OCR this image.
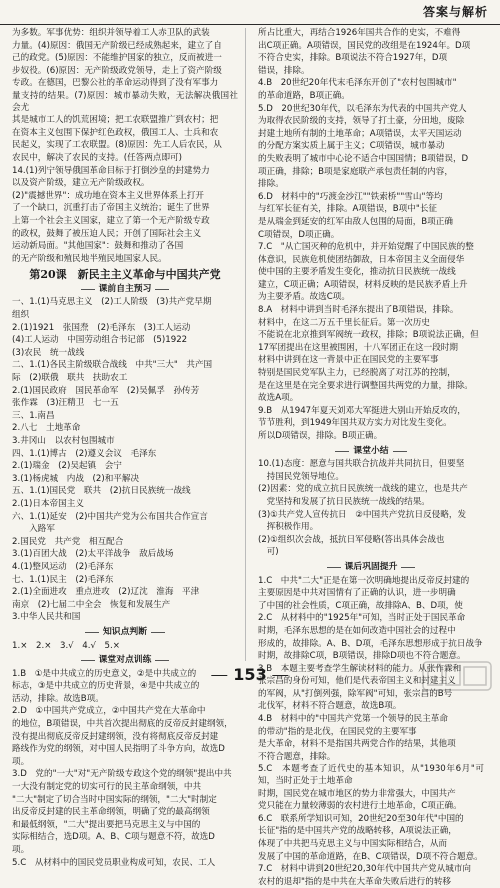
答案与解析

为多数。军事优势：组织并领导着工人赤卫队的武装

力量。(4)原因：俄国无产阶级已经成熟起来，建立了自

己的政党。(5)原因：不能维护国家的独立，反而被进一

步奴役。(6)原因：无产阶级政党领导，走上了资产阶级

专政。在德国，巴黎公社的革命运动得到了没有军事力

量支持的结果。(7)原因：城市暴动失败，无法解决俄国社会尤

其是城市工人的饥荒困境；把工农联盟推广到农村；把

在资本主义包围下保护红色政权，俄国工人、士兵和农

民起义，实现了工农联盟。(8)原因：先工人后农民，从

农民中，解决了农民的支持。(任答两点即可)

14.(1)列宁领导俄国革命目标于打倒沙皇的封建势力

以及资产阶级，建立无产阶级政权。

(2)"震撼世界"：成功地在资本主义世界体系上打开

了一个缺口，沉重打击了帝国主义统治；诞生了世界

上第一个社会主义国家，建立了第一个无产阶级专政

的政权，鼓舞了被压迫人民；开创了国际社会主义

运动新局面。"其他国家"：鼓舞和推动了各国

的无产阶级和殖民地半殖民地国家人民。

第20课　新民主主义革命与中国共产党
课前自主预习

一、1.(1)马克思主义　(2)工人阶级　(3)共产党早期

组织

2.(1)1921　张国焘　(2)毛泽东　(3)工人运动

(4)工人运动　中国劳动组合书记部　(5)1922

(3)农民　统一战线

二、1.(1)各民主阶级联合战线　中共"三大"　共产国

际　(2)联俄　联共　扶助农工

2.(1)国民政府　国民革命军　(2)吴佩孚　孙传芳

张作霖　(3)汪精卫　七一五

三、1.南昌

2.八七　土地革命

3.井冈山　以农村包围城市

四、1.(1)博古　(2)遵义会议　毛泽东

2.(1)瑞金　(2)吴起镇　会宁

3.(1)杨虎城　内战　(2)和平解决

五、1.(1)国民党　联共　(2)抗日民族统一战线

2.(1)日本帝国主义

六、1.(1)延安　(2)中国共产党为公布国共合作宣言

　　入路军

2.国民党　共产党　相互配合

3.(1)百团大战　(2)太平洋战争　敌后战场

4.(1)整风运动　(2)毛泽东

七、1.(1)民主　(2)毛泽东

2.(1)全面进攻　重点进攻　(2)辽沈　淮海　平津

南京　(2)七届二中全会　恢复和发展生产

3.中华人民共和国

知识点判断

1.×　2.×　3.√　4.√　5.×

课堂对点训练

1.B　①是中共成立的历史意义，②是中共成立的

标志，③是中共成立的历史背景，④是中共成立的

活动，排除。故选B项。

2.D　①中国共产党成立，②中国共产党在大革命中

的地位，B项错误，中共首次提出彻底的反帝反封建纲领，

没有提出彻底反帝反封建纲领，没有将彻底反帝反封建

路线作为党的纲领，对中国人民指明了斗争方向，故选D

项。

3.D　党的"一大"对"无产阶级专政这个党的纲领"提出中共

一大没有制定党的切实可行的民主革命纲领，中共

"二大"制定了切合当时中国实际的纲领，"二大"时制定

出反帝反封建的民主革命纲领，明确了党的最高纲领

和最低纲领，"二大"提出要把马克思主义与中国的

实际相结合，选D项。A、B、C项与题意不符，故选D

项。

5.C　从材料中的国民党员职业构成可知，农民、工人

所占比重大，再结合1926年国共合作的史实，不难得

出C项正确。A项错误，国民党的改组是在1924年。D项

不符合史实，排除。B项说法不符合1927年，D项

错误，排除。

4.B　20世纪20年代末毛泽东开创了"农村包围城市"

的革命道路，B项正确。

5.D　20世纪30年代，以毛泽东为代表的中国共产党人

为取得农民阶级的支持，领导了打土豪，分田地，废除

封建土地所有制的土地革命；A项错误，太平天国运动

的分配方案实质上属于主义；C项错误，城市暴动

的失败表明了城市中心论不适合中国国情；B项错误，D

项正确，排除；B项是家庭联产承包责任制的内容，

排除。

6.D　材料中的"巧渡金沙江""铁索桥""雪山"等均

与红军长征有关，排除。A项错误，B项中"长征

是从瑞金到延安的红军由敌人包围的局面，B项正确

C项错误，D项正确。

7.C　"从亡国灭种的危机中，并开始觉醒了中国民族的整

体意识，民族危机使团结御敌，日本帝国主义全面侵华

使中国的主要矛盾发生变化，推动抗日民族统一战线

建立，C项正确；A项错误，材料反映的是民族矛盾上升

为主要矛盾。故选C项。

8.A　材料中讲到当时毛泽东提出了B项错误，排除。

材料中，在这二万五千里长征后。第一次历史

不能说在北京推到军阀统一政权，排除；B项说法正确，但

17军团提出在这里被围困，十八军团正在这一段时期

材料中讲到在这一背景中正在国民党的主要军事

特别是国民党军队主力，已经脱离了对江苏的控制，

是在这里是在完全要求进行调整国共两党的力量，排除。

故选A项。

9.B　从1947年夏天刘邓大军挺进大别山开始反攻的，

节节胜利，到1949年国共双方实力对比发生变化。

所以D项错误，排除。B项正确。

课堂小结

10.(1)态度：愿意与国共联合抗战并共同抗日，但要坚

　持国民党领导地位。

(2)因素：党的成立抗日民族统一战线的建立，也是共产

　党坚持和发展了抗日民族统一战线的结果。

(3)①共产党人宣传抗日　②中国共产党抗日反侵略，发

　挥积极作用。

(2)①组织次会战，抵抗日军侵略(答出具体会战也

　可)

课后巩固提升

1.C　中共"二大"正是在第一次明确地提出反帝反封建的

主要原因是中共对国情有了正确的认识，进一步明确

了中国的社会性质，C项正确，故排除A、B、D项，使

2.C　从材料中的"1925年"可知，当时正处于国民革命

时期，毛泽东思想的是在如何改造中国社会的过程中

形成的，故排除。A、B、D项，毛泽东思想形成于抗日战争

时期，故排除C项，B项错误，排除D项也不符合题意。

3.B　本题主要考查学生解读材料的能力。从张作霖和

张宗昌的身份可知，他们是代表帝国主义和封建主义

的军阀，从"打倒列强，除军阀"可知，张宗昌的B号

北伐军，材料不符合题意，故选B项。

4.B　材料中的"中国共产党第一个领导的民主革命

的带动"指的是北伐，在国民党的主要军事

是大革命，材料不是指国共两党合作的结果，其他项

不符合题意，排除。

5.C　本题考查了近代史的基本知识，从"1930年6月"可知，当时正处于土地革命

时期，国民党在城市地区的势力非常强大，中国共产

党只能在力量较薄弱的农村进行土地革命，C项正确。

6.C　联系所学知识可知，20世纪20至30年代"中国的

长征"指的是中国共产党的战略转移，A项说法正确，

体现了中共把马克思主义与中国实际相结合，从而

发展了中国的革命道路，在B、C项错误，D项不符合题意。

7.C　材料中讲到20世纪20,30年代中国共产党从城市向

农村的退却"指的是中共在大革命失败后进行的转移

153
